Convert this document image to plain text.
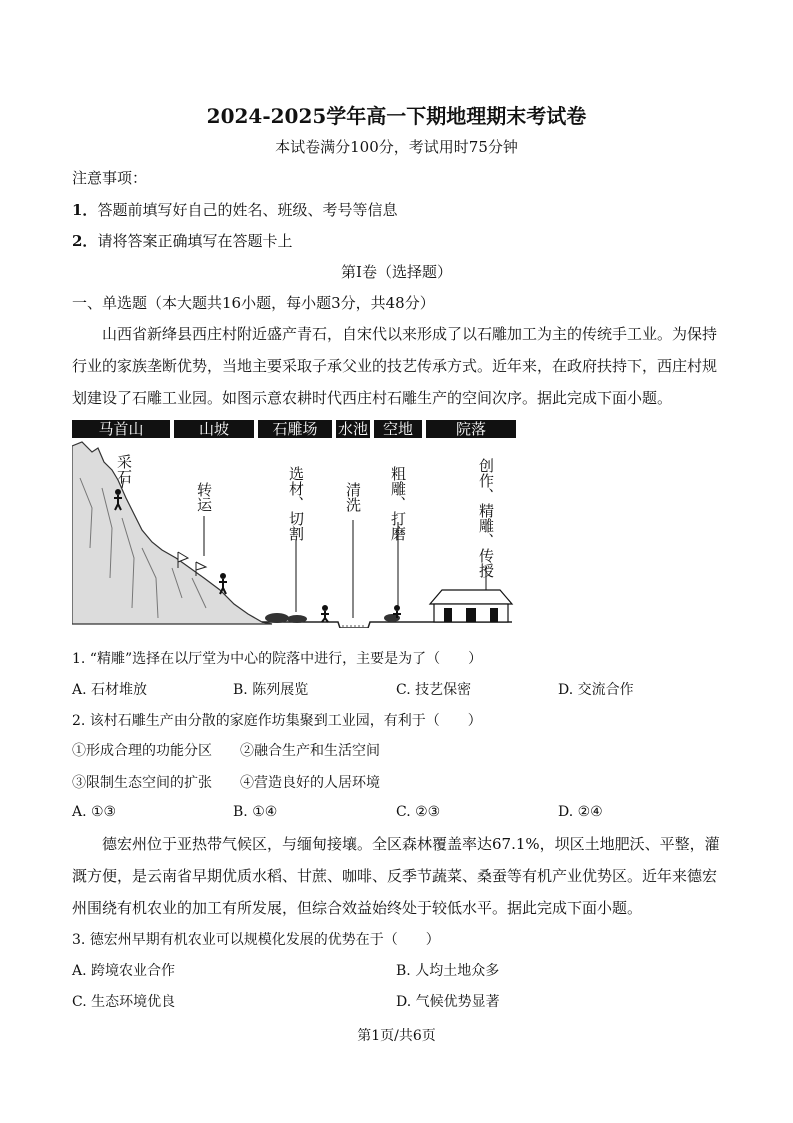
2024-2025学年高一下期地理期末考试卷
本试卷满分100分，考试用时75分钟
注意事项：
1．答题前填写好自己的姓名、班级、考号等信息
2．请将答案正确填写在答题卡上
第I卷（选择题）
一、单选题（本大题共16小题，每小题3分，共48分）
山西省新绛县西庄村附近盛产青石，自宋代以来形成了以石雕加工为主的传统手工业。为保持行业的家族垄断优势，当地主要采取子承父业的技艺传承方式。近年来，在政府扶持下，西庄村规划建设了石雕工业园。如图示意农耕时代西庄村石雕生产的空间次序。据此完成下面小题。
马首山	山坡	石雕场 水池 空地	院落
采石
转运	选材、切割	清洗 粗雕、打磨	创作、精雕、传授
1. “精雕”选择在以厅堂为中心的院落中进行，主要是为了（　　）
A. 石材堆放	B. 陈列展览	C. 技艺保密	D. 交流合作
2. 该村石雕生产由分散的家庭作坊集聚到工业园，有利于（　　）
①形成合理的功能分区 ②融合生产和生活空间
③限制生态空间的扩张 ④营造良好的人居环境
A. ①③	B. ①④	C. ②③	D. ②④
德宏州位于亚热带气候区，与缅甸接壤。全区森林覆盖率达67.1%，坝区土地肥沃、平整，灌溉方便，是云南省早期优质水稻、甘蔗、咖啡、反季节蔬菜、桑蚕等有机产业优势区。近年来德宏州围绕有机农业的加工有所发展，但综合效益始终处于较低水平。据此完成下面小题。
3. 德宏州早期有机农业可以规模化发展的优势在于（　　）
A. 跨境农业合作	B. 人均土地众多
C. 生态环境优良	D. 气候优势显著
第1页/共6页
